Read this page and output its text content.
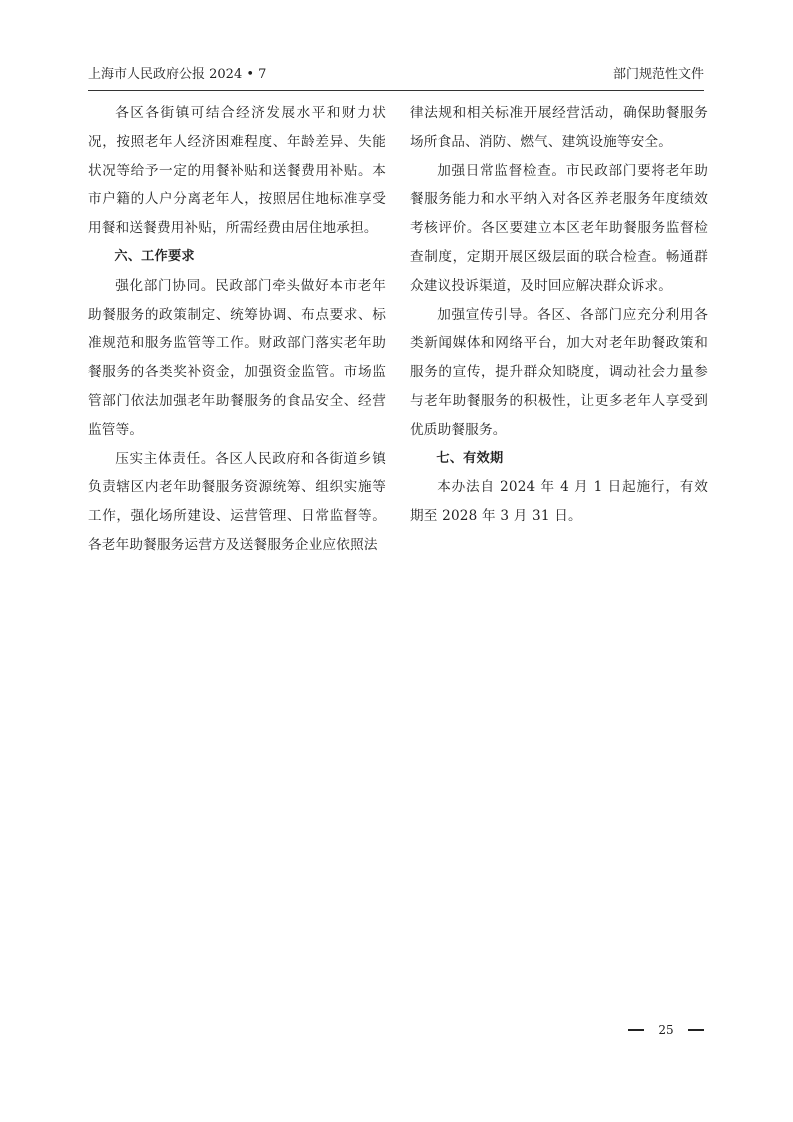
上海市人民政府公报 2024 • 7	部门规范性文件

各区各街镇可结合经济发展水平和财力状况，按照老年人经济困难程度、年龄差异、失能状况等给予一定的用餐补贴和送餐费用补贴。本市户籍的人户分离老年人，按照居住地标准享受用餐和送餐费用补贴，所需经费由居住地承担。

六、工作要求

强化部门协同。民政部门牵头做好本市老年助餐服务的政策制定、统筹协调、布点要求、标准规范和服务监管等工作。财政部门落实老年助餐服务的各类奖补资金，加强资金监管。市场监管部门依法加强老年助餐服务的食品安全、经营监管等。

压实主体责任。各区人民政府和各街道乡镇负责辖区内老年助餐服务资源统筹、组织实施等工作，强化场所建设、运营管理、日常监督等。各老年助餐服务运营方及送餐服务企业应依照法

律法规和相关标准开展经营活动，确保助餐服务场所食品、消防、燃气、建筑设施等安全。

加强日常监督检查。市民政部门要将老年助餐服务能力和水平纳入对各区养老服务年度绩效考核评价。各区要建立本区老年助餐服务监督检查制度，定期开展区级层面的联合检查。畅通群众建议投诉渠道，及时回应解决群众诉求。

加强宣传引导。各区、各部门应充分利用各类新闻媒体和网络平台，加大对老年助餐政策和服务的宣传，提升群众知晓度，调动社会力量参与老年助餐服务的积极性，让更多老年人享受到优质助餐服务。

七、有效期

本办法自 2024 年 4 月 1 日起施行，有效期至 2028 年 3 月 31 日。

25
